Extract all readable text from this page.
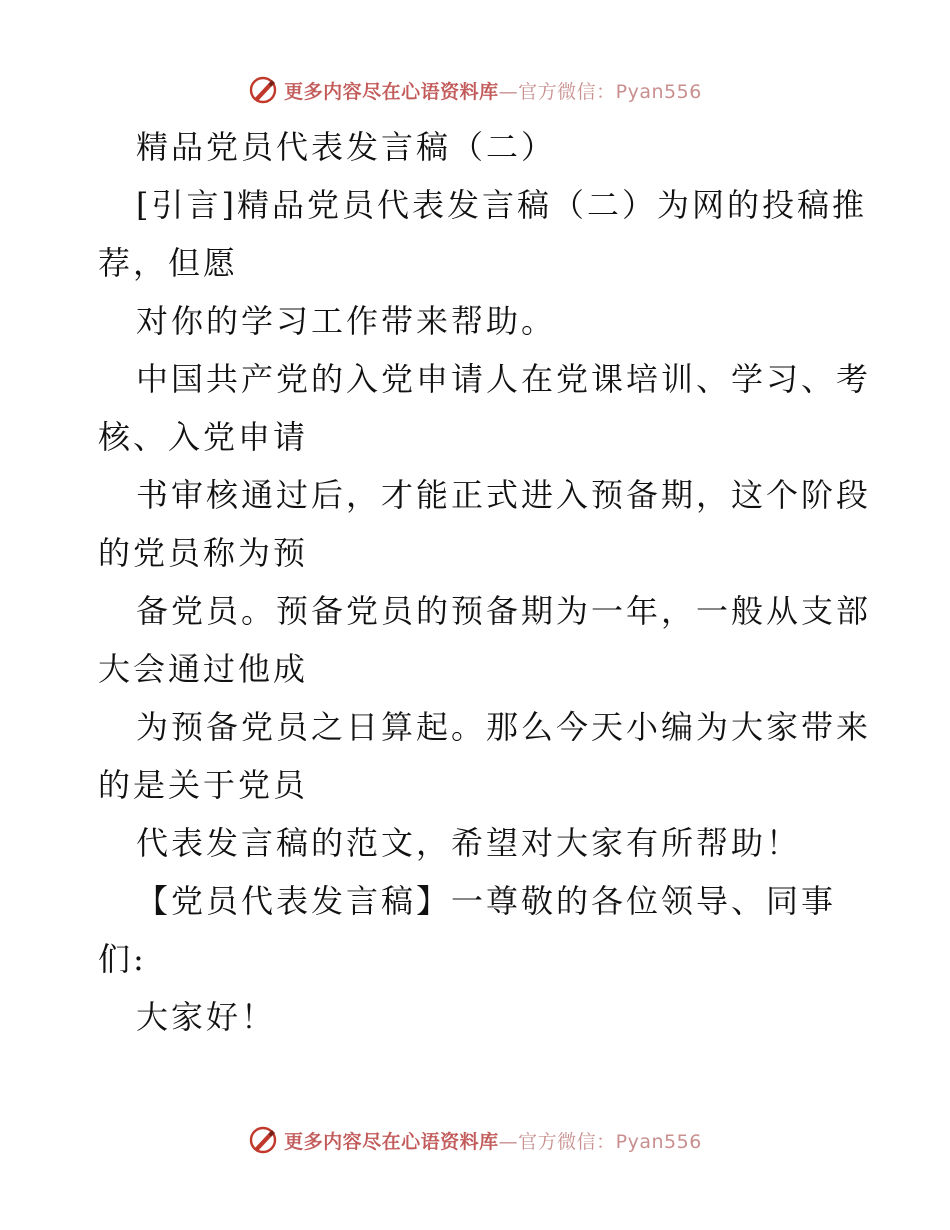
更多内容尽在心语资料库—官方微信：Pyan556
精品党员代表发言稿（二）
[引言]精品党员代表发言稿（二）为网的投稿推
荐，但愿
对你的学习工作带来帮助。
中国共产党的入党申请人在党课培训、学习、考
核、入党申请
书审核通过后，才能正式进入预备期，这个阶段
的党员称为预
备党员。预备党员的预备期为一年，一般从支部
大会通过他成
为预备党员之日算起。那么今天小编为大家带来
的是关于党员
代表发言稿的范文，希望对大家有所帮助！
【党员代表发言稿】一尊敬的各位领导、同事
们:
大家好！
更多内容尽在心语资料库—官方微信：Pyan556
